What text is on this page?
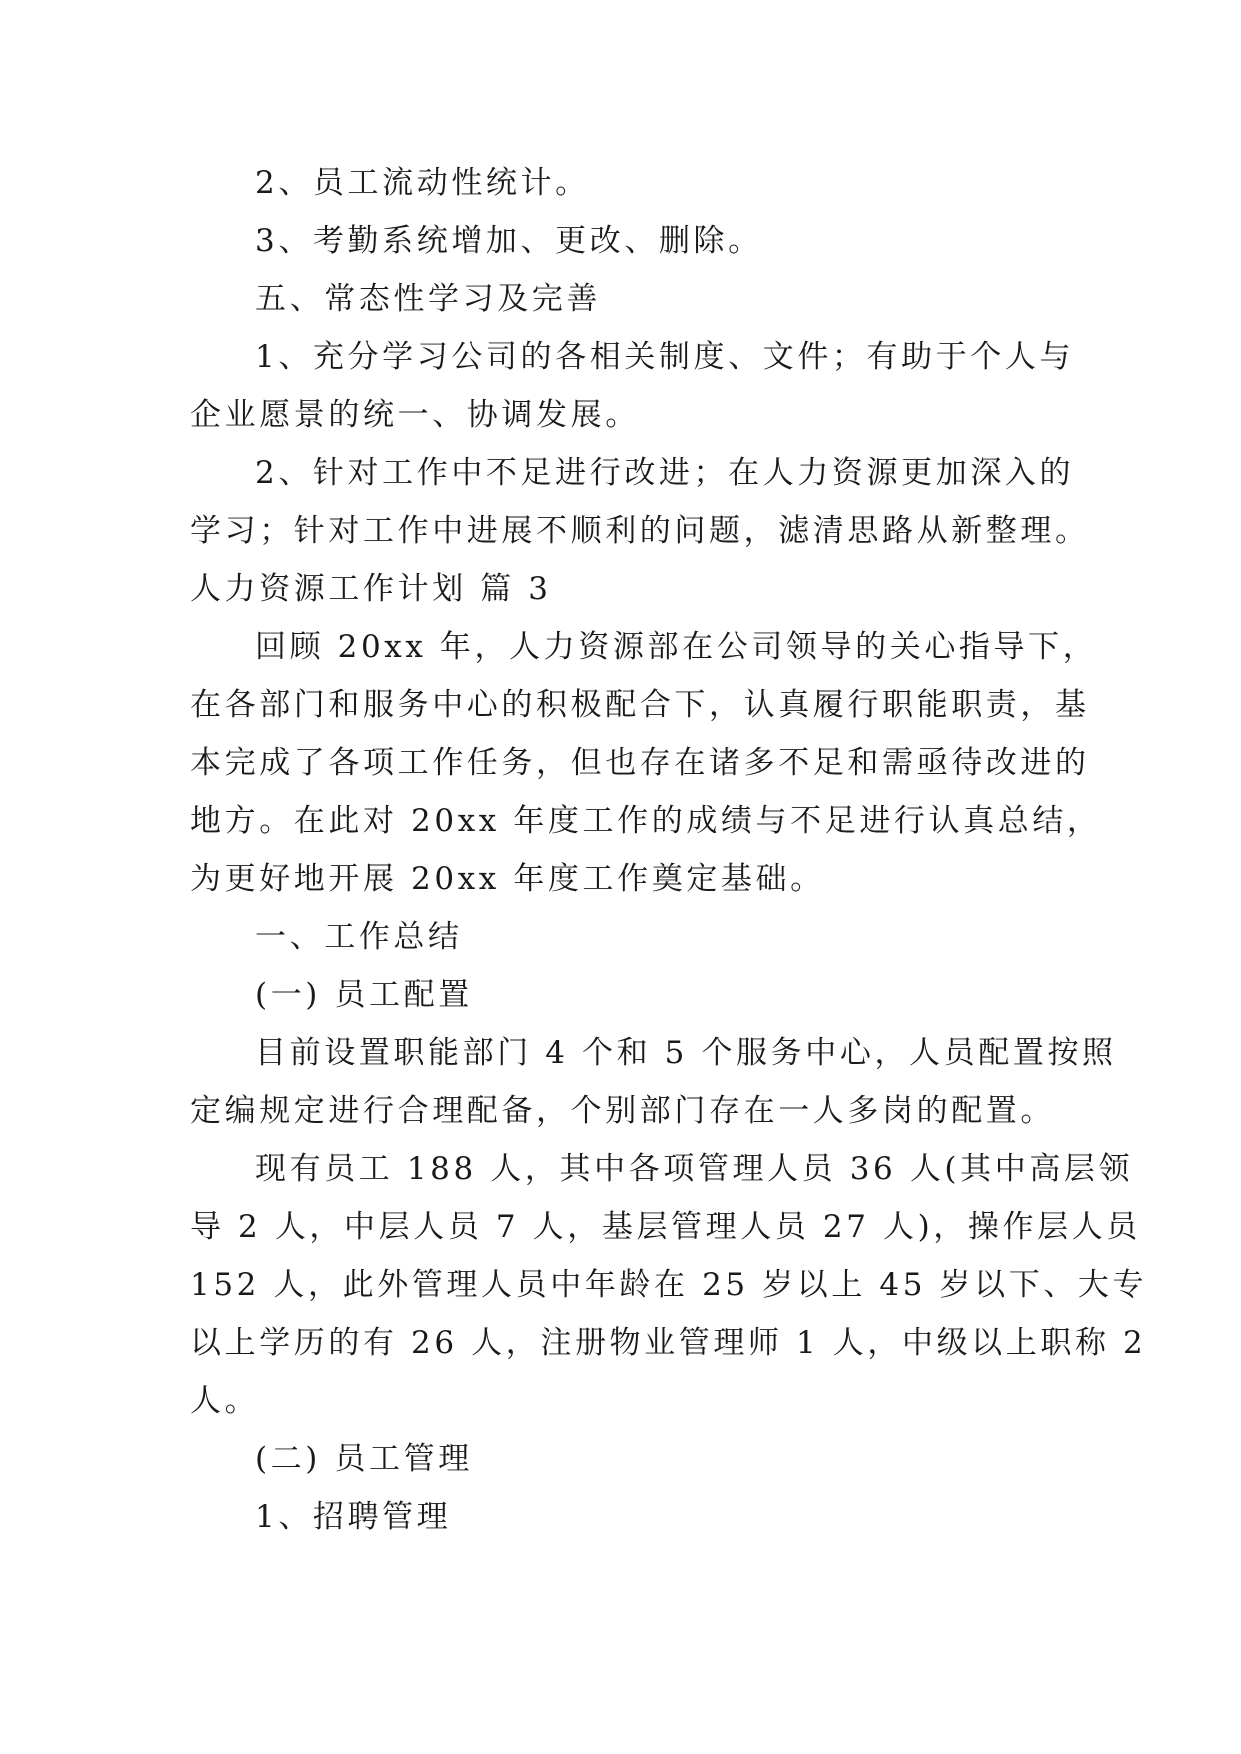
2、员工流动性统计。
3、考勤系统增加、更改、删除。
五、常态性学习及完善
1、充分学习公司的各相关制度、文件；有助于个人与
企业愿景的统一、协调发展。
2、针对工作中不足进行改进；在人力资源更加深入的
学习；针对工作中进展不顺利的问题，滤清思路从新整理。
人力资源工作计划 篇 3
回顾 20xx 年，人力资源部在公司领导的关心指导下，
在各部门和服务中心的积极配合下，认真履行职能职责，基
本完成了各项工作任务，但也存在诸多不足和需亟待改进的
地方。在此对 20xx 年度工作的成绩与不足进行认真总结，
为更好地开展 20xx 年度工作奠定基础。
一、工作总结
(一) 员工配置
目前设置职能部门 4 个和 5 个服务中心，人员配置按照
定编规定进行合理配备，个别部门存在一人多岗的配置。
现有员工 188 人，其中各项管理人员 36 人(其中高层领
导 2 人，中层人员 7 人，基层管理人员 27 人)，操作层人员
152 人，此外管理人员中年龄在 25 岁以上 45 岁以下、大专
以上学历的有 26 人，注册物业管理师 1 人，中级以上职称 2
人。
(二) 员工管理
1、招聘管理
